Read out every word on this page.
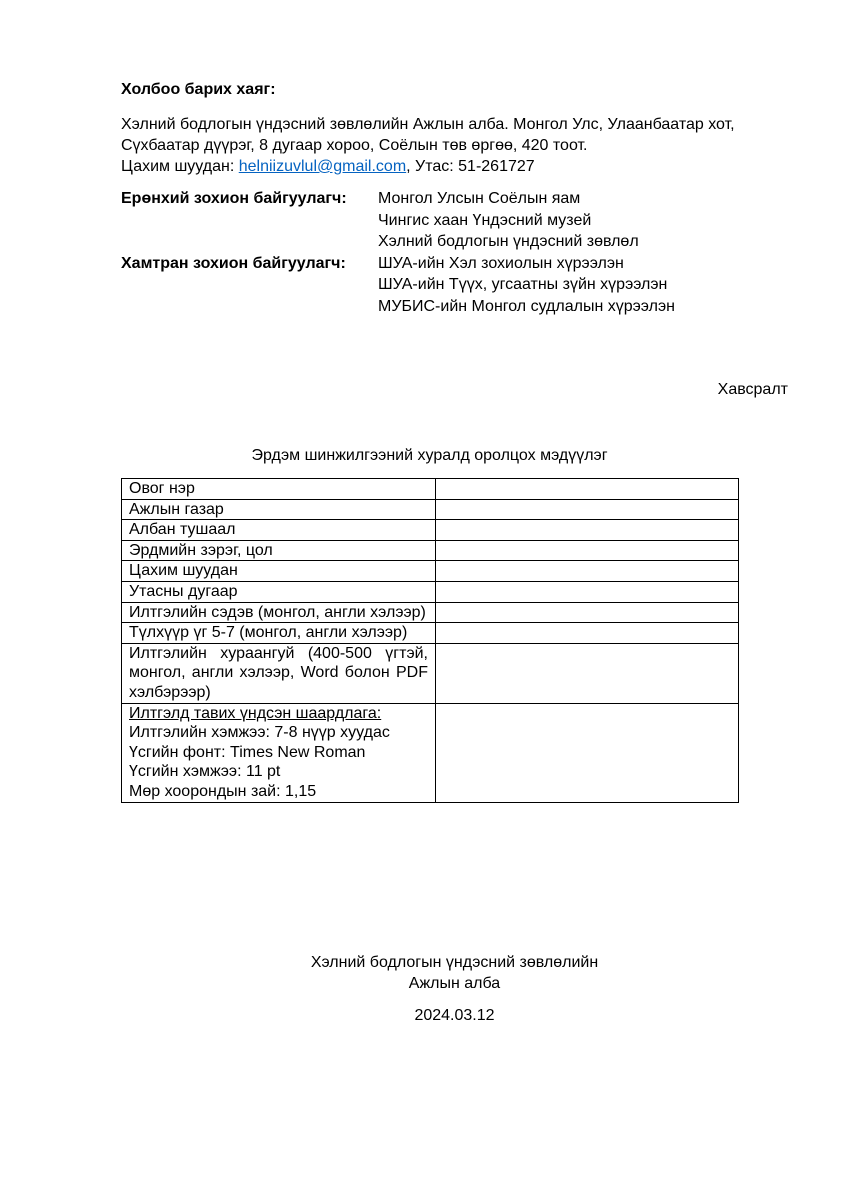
Холбоо барих хаяг:
Хэлний бодлогын үндэсний зөвлөлийн Ажлын алба. Монгол Улс, Улаанбаатар хот,
Сүхбаатар дүүрэг, 8 дугаар хороо, Соёлын төв өргөө, 420 тоот.
Цахим шуудан: helniizuvlul@gmail.com, Утас: 51-261727
Ерөнхий зохион байгуулагч:	Монгол Улсын Соёлын яам
Чингис хаан Үндэсний музей
Хэлний бодлогын үндэсний зөвлөл
Хамтран зохион байгуулагч:	ШУА-ийн Хэл зохиолын хүрээлэн
ШУА-ийн Түүх, угсаатны зүйн хүрээлэн
МУБИС-ийн Монгол судлалын хүрээлэн
Хавсралт
Эрдэм шинжилгээний хуралд оролцох мэдүүлэг
Овог нэр	
Ажлын газар	
Албан тушаал	
Эрдмийн зэрэг, цол	
Цахим шуудан	
Утасны дугаар	
Илтгэлийн сэдэв (монгол, англи хэлээр)	
Түлхүүр үг 5-7 (монгол, англи хэлээр)	
Илтгэлийн хураангуй (400-500 үгтэй, монгол, англи хэлээр, Word болон PDF хэлбэрээр)	

Илтгэлд тавих үндсэн шаардлага:
Илтгэлийн хэмжээ: 7-8 нүүр хуудас
Үсгийн фонт: Times New Roman
Үсгийн хэмжээ: 11 pt
Мөр хоорондын зай: 1,15	

Хэлний бодлогын үндэсний зөвлөлийн
Ажлын алба
2024.03.12
